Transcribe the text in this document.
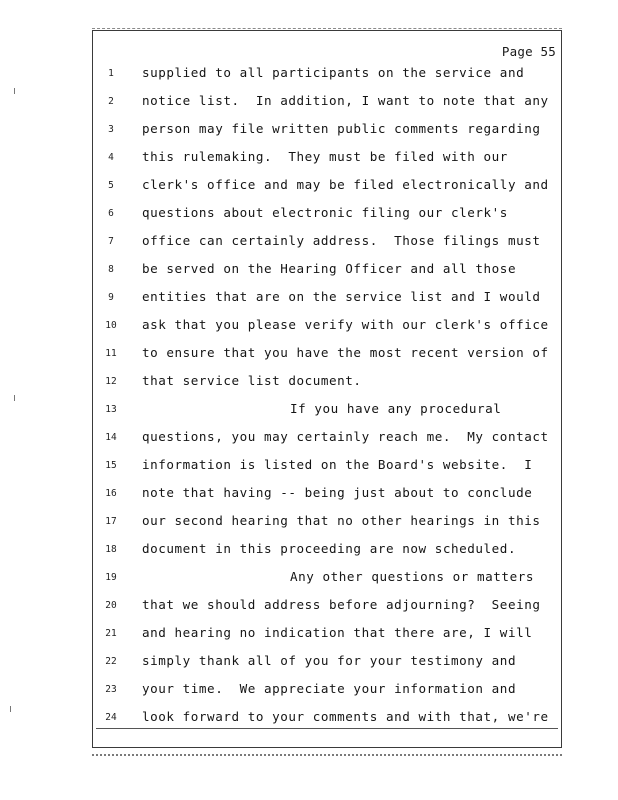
Page 55
1	supplied to all participants on the service and
2	notice list.  In addition, I want to note that any
3	person may file written public comments regarding
4	this rulemaking.  They must be filed with our
5	clerk's office and may be filed electronically and
6	questions about electronic filing our clerk's
7	office can certainly address.  Those filings must
8	be served on the Hearing Officer and all those
9	entities that are on the service list and I would
10	ask that you please verify with our clerk's office
11	to ensure that you have the most recent version of
12	that service list document.
13	If you have any procedural
14	questions, you may certainly reach me.  My contact
15	information is listed on the Board's website.  I
16	note that having -- being just about to conclude
17	our second hearing that no other hearings in this
18	document in this proceeding are now scheduled.
19	Any other questions or matters
20	that we should address before adjourning?  Seeing
21	and hearing no indication that there are, I will
22	simply thank all of you for your testimony and
23	your time.  We appreciate your information and
24	look forward to your comments and with that, we're
